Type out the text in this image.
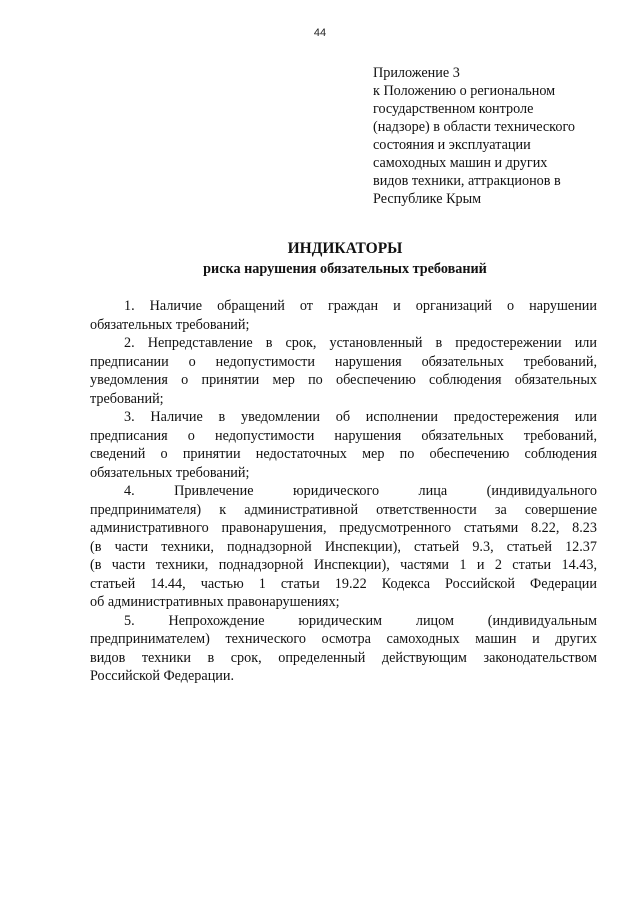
44
Приложение 3
к Положению о региональном
государственном контроле
(надзоре) в области технического
состояния и эксплуатации
самоходных машин и других
видов техники, аттракционов в
Республике Крым
ИНДИКАТОРЫ
риска нарушения обязательных требований
1. Наличие обращений от граждан и организаций о нарушении
обязательных требований;
2. Непредставление в срок, установленный в предостережении или
предписании о недопустимости нарушения обязательных требований,
уведомления о принятии мер по обеспечению соблюдения обязательных
требований;
3. Наличие в уведомлении об исполнении предостережения или
предписания о недопустимости нарушения обязательных требований,
сведений о принятии недостаточных мер по обеспечению соблюдения
обязательных требований;
4. Привлечение юридического лица (индивидуального
предпринимателя) к административной ответственности за совершение
административного правонарушения, предусмотренного статьями 8.22, 8.23
(в части техники, поднадзорной Инспекции), статьей 9.3, статьей 12.37
(в части техники, поднадзорной Инспекции), частями 1 и 2 статьи 14.43,
статьей 14.44, частью 1 статьи 19.22 Кодекса Российской Федерации
об административных правонарушениях;
5. Непрохождение юридическим лицом (индивидуальным
предпринимателем) технического осмотра самоходных машин и других
видов техники в срок, определенный действующим законодательством
Российской Федерации.
